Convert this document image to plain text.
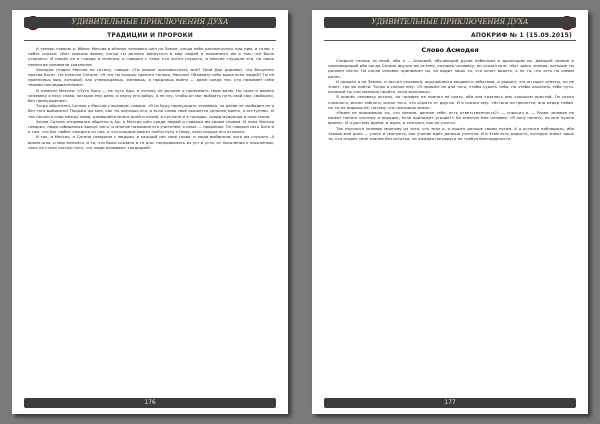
УДИВИТЕЛЬНЫЕ ПРИКЛЮЧЕНИЯ ДУХА
ТРАДИЦИИ И ПРОРОКИ

А теперь говорю я. Иблис Мессия в облике человека шёл по Земле, когда небо распахнулось над ним, и голос с небес сказал: «Вот пришло время, когда ты должен вернуться в мир людей и напомнить им о том, что было утеряно». И пошёл он в города и селения, и говорил с теми, кто хотел слушать, и многие слушали его, но лишь немногие понимали сказанное.

Холодно глядел Мессия на сатану, говоря: «Ты решил противостоять мне? Твой Дар дарован, что бесценен против Бога». На ответил Сатана: «Я что ты хочешь сделать теперь, Мессия? Объявить себя выше всех людей? Ты не принесёшь мир, который, как утверждаешь, желаешь, а продлишь войну — даже среди тех, кто называет себя твоими последователями».

И отвечал Мессия: «Путь Бога — не путь Ада, и потому не должен я принимать твою волю. Но ныне и вовеки человеку я несу слово, которое ему дано, и научу его добру, а не злу, чтобы он мог выбрать путь свой сам, свободно, без принуждения».

Тогда обратился Сатана к Мессии с вызовом, говоря: «Я не буду принуждать человека, но разве не свободен он и без того выбирать? Покажи же мне, как ты научишь его, и если слово твоё окажется сильнее моего, я отступлю». И так начался спор между ними, длившийся много дней и ночей, в пустыне и в городах, среди мудрецов и простецов.

Затем Сатана отправился обратно в Ад, а Мессия шёл среди людей и говорил им своим словом. И пока Мессия говорил, люди собирались вокруг него, и многие называли его учителем, а иные — пророком. Он говорил им о Боге и о том, что Бог любит каждого из них, и что каждый может найти путь к Нему, если сердце его открыто.

И так, и Мессия, и Сатана говорили с людьми, и каждый нёс своё слово, и люди выбирали, кого им слушать. А время шло, и мир менялся, и то, что было сказано в те дни, передавалось из уст в уста, от поколения к поколению, пока не стало частью того, что люди называют традицией.

176
УДИВИТЕЛЬНЫЕ ПРИКЛЮЧЕНИЯ ДУХА
АПОКРИФ № 1 (15.09.2015)
Слово Асмодея

Следите теперь за мной, ибо я — Асмодей, обучающий духов небесным и дрожащим их, дающий знание и производящий ибо когда Сатана вручил им истину, которая человеку, он сказал мне: «Вот здесь знания, которые ты должен нести. Но когда человек принимает их, он видит лишь то, что хочет видеть, а не то, что есть на самом деле».

И пришёл я на Землю, и застал человека, окружённого вещами и заботами, и увидел, что он ищет ответы, но не знает, где их найти. Тогда я сказал ему: «Я пришёл не для того, чтобы судить тебя, но чтобы показать тебе путь, который ты сам можешь пройти, если захочешь».

Я принёс человеку истину, но человек не принял её сразу, ибо она казалась ему слишком простой. Он искал сложного, искал тайного, искал того, что скрыто от других. И я сказал ему: «Истина не прячется, она перед тобой, но ты не видишь её, потому что смотришь мимо».

«Разве не понимаешь ты, что знание, данное тебе, есть ответственность?» — спросил я. — Разве человек не может понять систему и порядок, если приложит усилие?» Но ответил мне человек: «Я хочу понять, но мне нужно время». И я дал ему время, и ждал, и смотрел, как он учится.

Так научился человек многому из того, что знал я, и пошёл дальше своим путём. А я остался наблюдать, ибо такова моя доля — учить и смотреть, как ученик идёт дальше учителя. И в этом есть радость, которую знают лишь те, кто отдаёт своё знание без остатка, не ожидая награды и не требуя благодарности.

177
